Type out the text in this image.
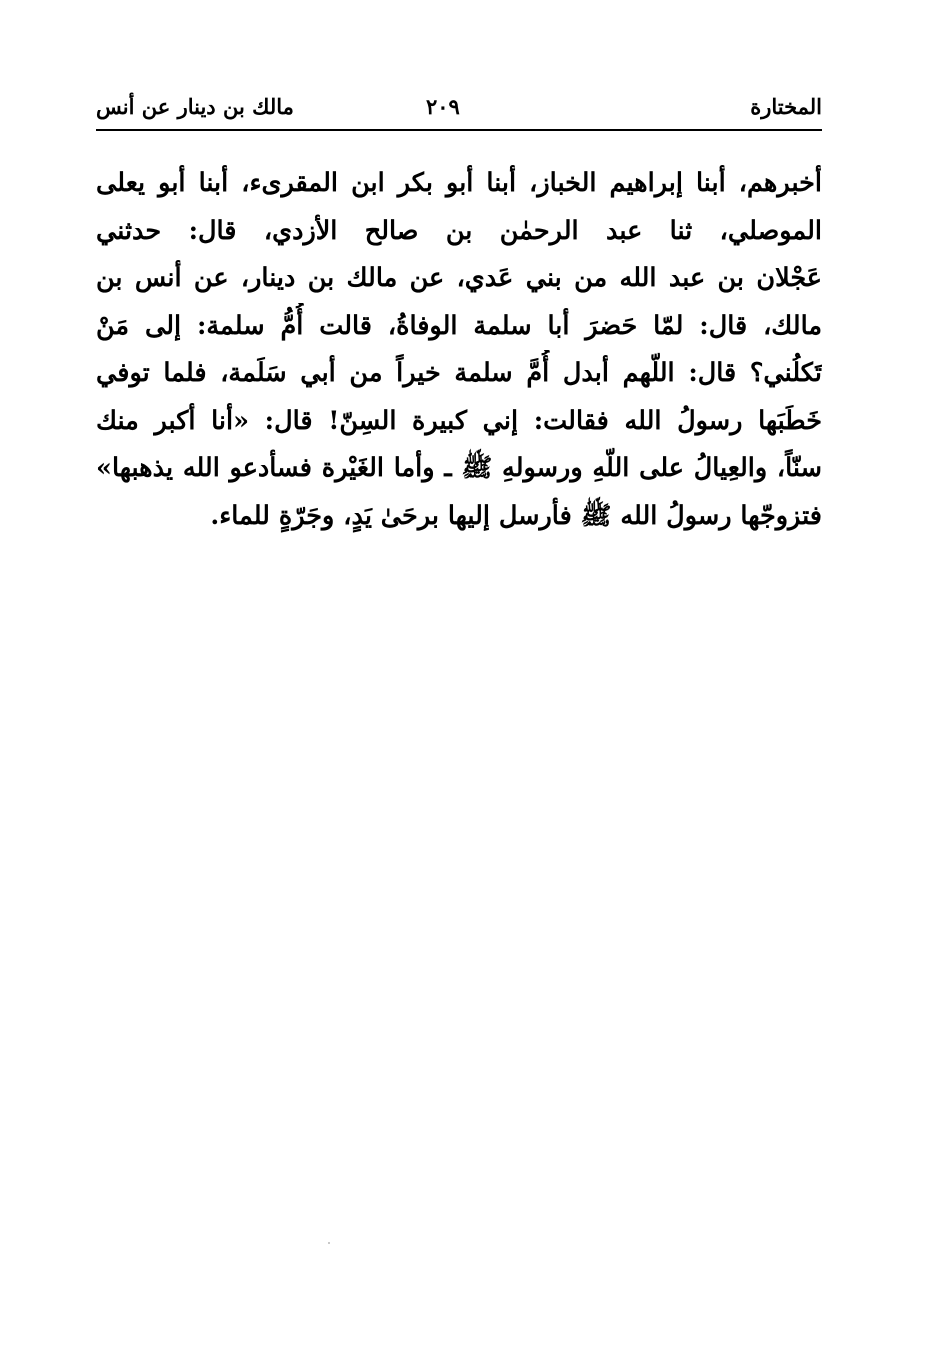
المختارة
٢٠٩
مالك بن دينار عن أنس
أخبرهم، أبنا إبراهيم الخباز، أبنا أبو بكر ابن المقرىء، أبنا أبو يعلى
الموصلي، ثنا عبد الرحمٰن بن صالح الأزدي، قال: حدثني
عَجْلان بن عبد الله من بني عَدي، عن مالك بن دينار، عن أنس بن
مالك، قال: لمّا حَضرَ أبا سلمة الوفاةُ، قالت أُمُّ سلمة: إلى مَنْ
تَكلُني؟ قال: اللّهم أبدل أُمَّ سلمة خيراً من أبي سَلَمة، فلما توفي
خَطَبَها رسولُ الله فقالت: إني كبيرة السِنّ! قال: «أنا أكبر منك
سنّاً، والعِيالُ على اللّهِ ورسولهِ ﷺ ـ وأما الغَيْرة فسأدعو الله يذهبها»
فتزوجّها رسولُ الله ﷺ فأرسل إليها برحَىٰ يَدٍ، وجَرّةٍ للماء.
